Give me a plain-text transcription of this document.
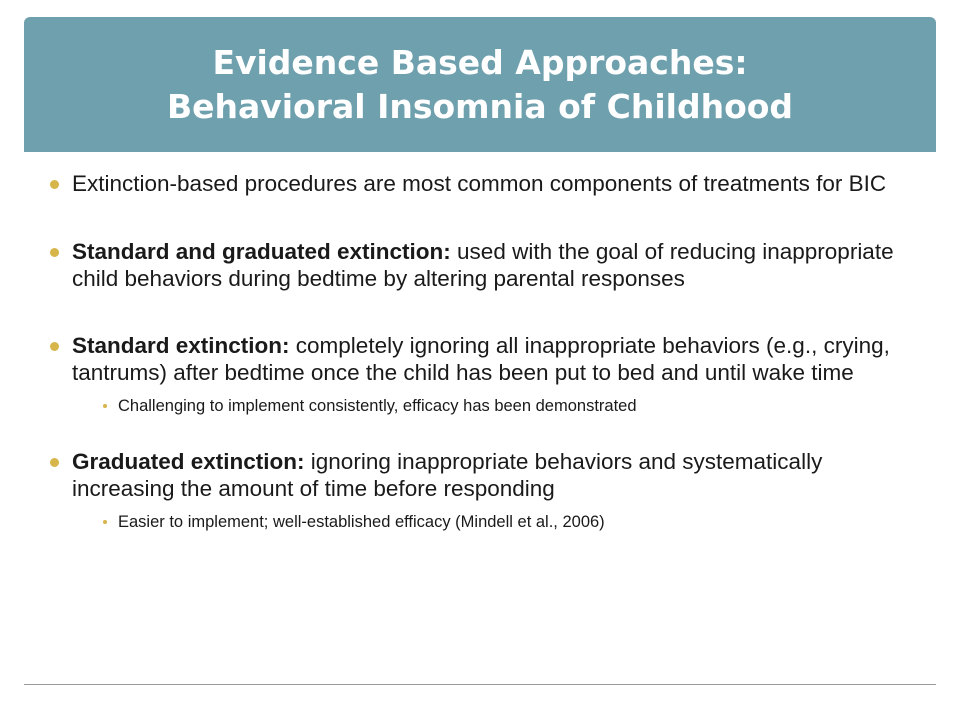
Evidence Based Approaches:
Behavioral Insomnia of Childhood
Extinction-based procedures are most common components of treatments for BIC
Standard and graduated extinction: used with the goal of reducing inappropriate child behaviors during bedtime by altering parental responses
Standard extinction: completely ignoring all inappropriate behaviors (e.g., crying, tantrums) after bedtime once the child has been put to bed and until wake time
Challenging to implement consistently, efficacy has been demonstrated
Graduated extinction: ignoring inappropriate behaviors and systematically increasing the amount of time before responding
Easier to implement; well-established efficacy (Mindell et al., 2006)
